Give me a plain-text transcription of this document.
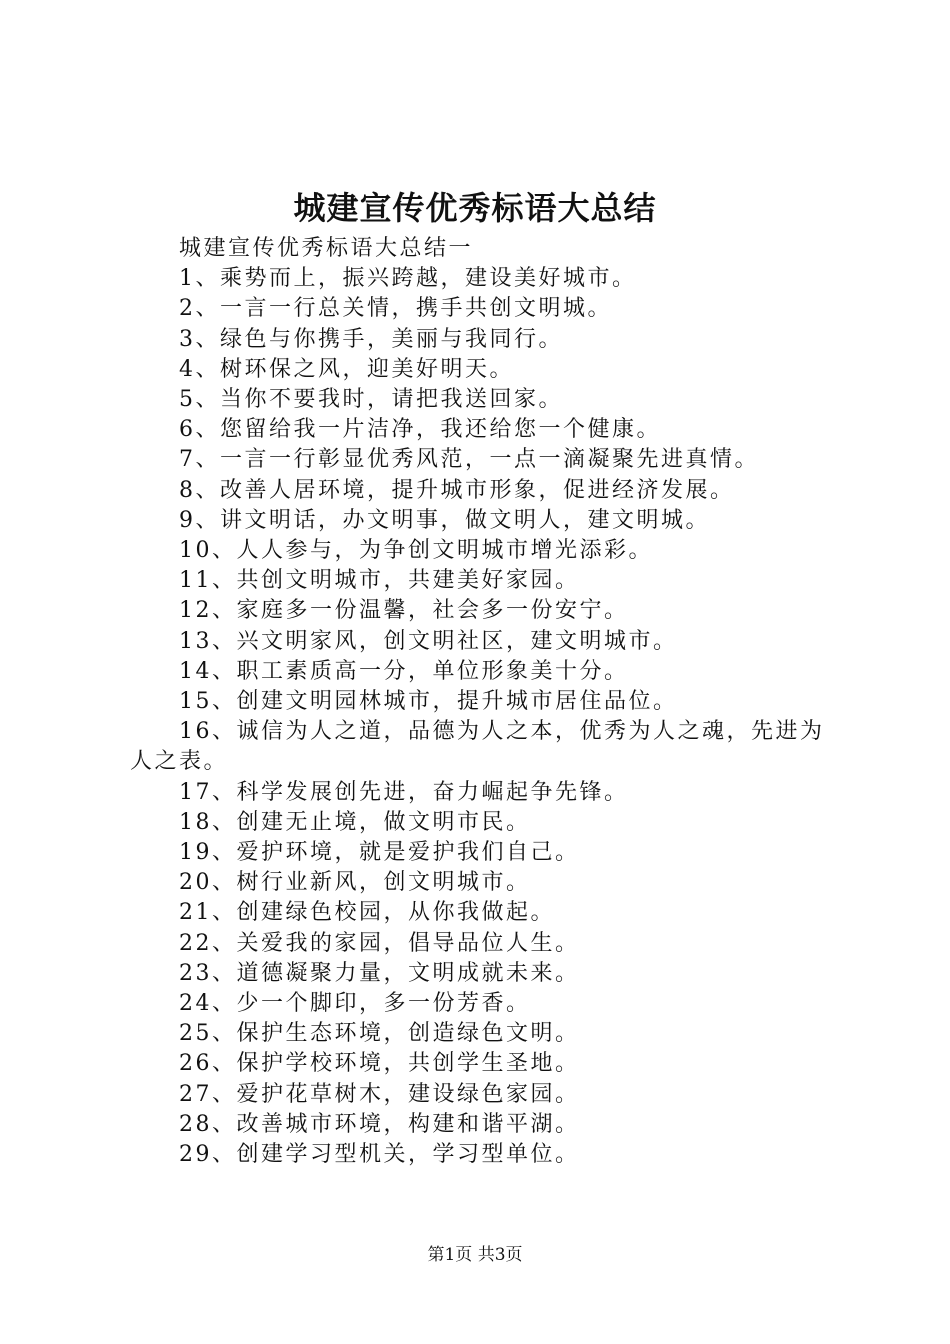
城建宣传优秀标语大总结

城建宣传优秀标语大总结一

1、乘势而上，振兴跨越，建设美好城市。

2、一言一行总关情，携手共创文明城。

3、绿色与你携手，美丽与我同行。

4、树环保之风，迎美好明天。

5、当你不要我时，请把我送回家。

6、您留给我一片洁净，我还给您一个健康。

7、一言一行彰显优秀风范，一点一滴凝聚先进真情。

8、改善人居环境，提升城市形象，促进经济发展。

9、讲文明话，办文明事，做文明人，建文明城。

10、人人参与，为争创文明城市增光添彩。

11、共创文明城市，共建美好家园。

12、家庭多一份温馨，社会多一份安宁。

13、兴文明家风，创文明社区，建文明城市。

14、职工素质高一分，单位形象美十分。

15、创建文明园林城市，提升城市居住品位。

16、诚信为人之道，品德为人之本，优秀为人之魂，先进为人之表。

17、科学发展创先进，奋力崛起争先锋。

18、创建无止境，做文明市民。

19、爱护环境，就是爱护我们自己。

20、树行业新风，创文明城市。

21、创建绿色校园，从你我做起。

22、关爱我的家园，倡导品位人生。

23、道德凝聚力量，文明成就未来。

24、少一个脚印，多一份芳香。

25、保护生态环境，创造绿色文明。

26、保护学校环境，共创学生圣地。

27、爱护花草树木，建设绿色家园。

28、改善城市环境，构建和谐平湖。

29、创建学习型机关，学习型单位。

第1页 共3页
